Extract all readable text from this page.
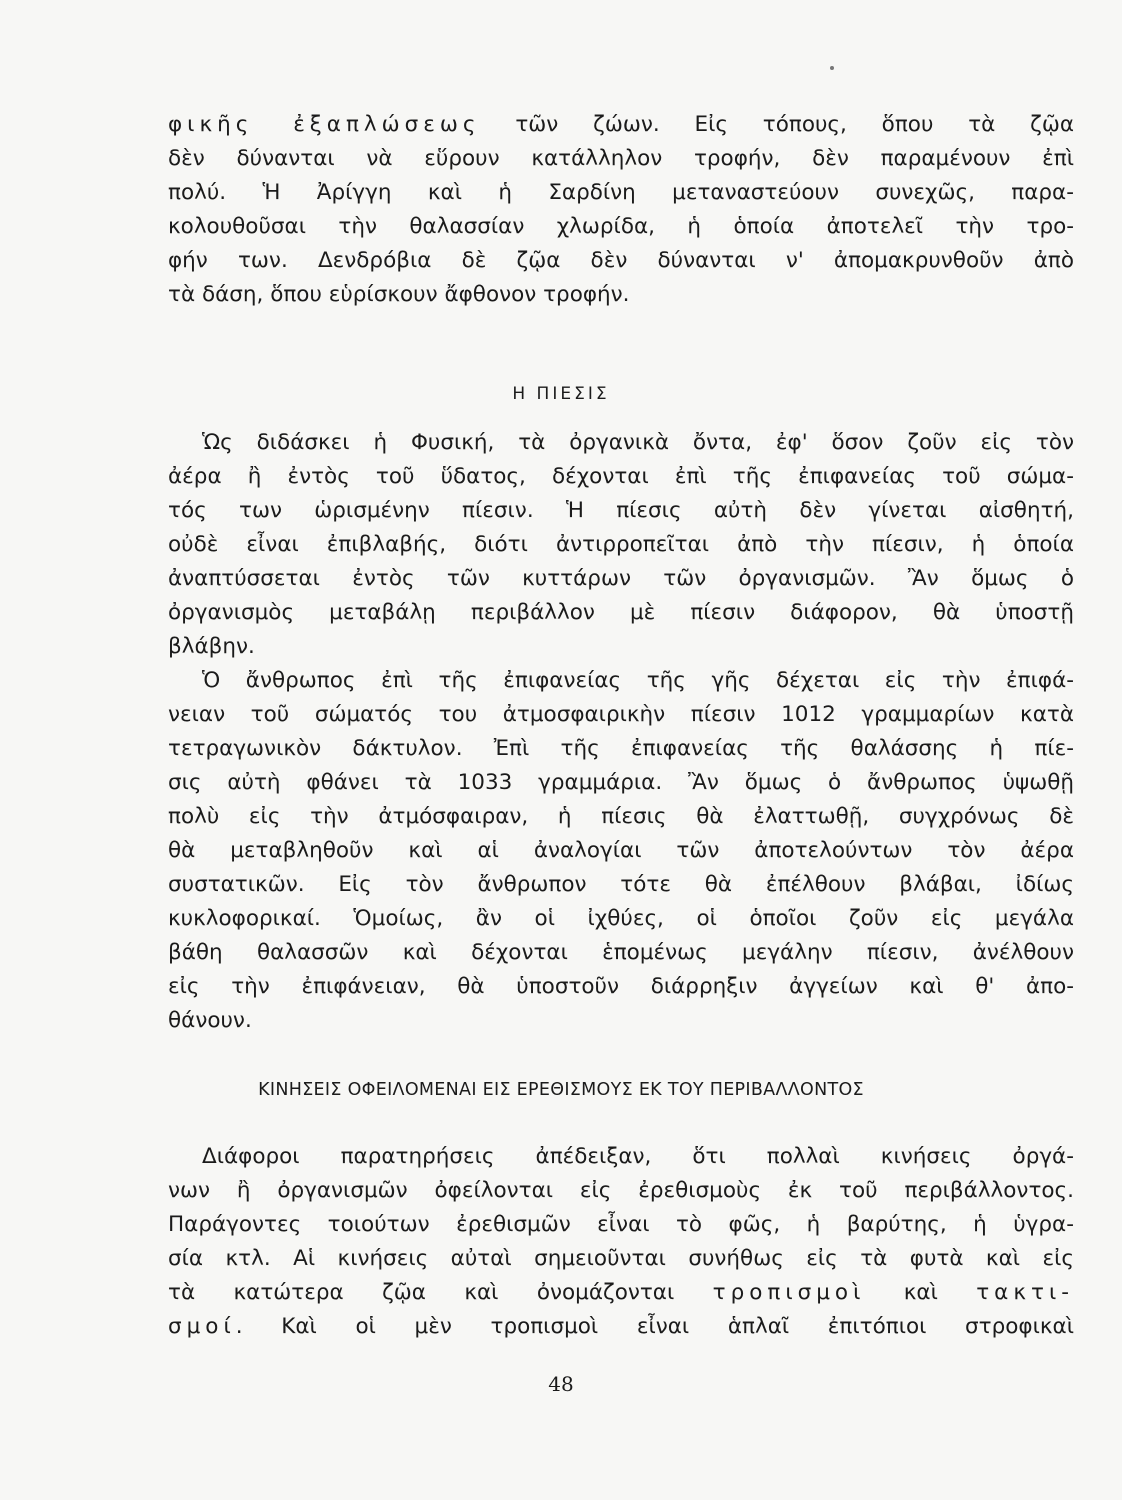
φικῆς ἐξαπλώσεως τῶν ζώων. Εἰς τόπους, ὅπου τὰ ζῷα
δὲν δύνανται νὰ εὕρουν κατάλληλον τροφήν, δὲν παραμένουν ἐπὶ
πολύ. Ἡ Ἀρίγγη καὶ ἡ Σαρδίνη μεταναστεύουν συνεχῶς, παρα-
κολουθοῦσαι τὴν θαλασσίαν χλωρίδα, ἡ ὁποία ἀποτελεῖ τὴν τρο-
φήν των. Δενδρόβια δὲ ζῷα δὲν δύνανται ν' ἀπομακρυνθοῦν ἀπὸ
τὰ δάση, ὅπου εὑρίσκουν ἄφθονον τροφήν.
Η ΠΙΕΣΙΣ
Ὡς διδάσκει ἡ Φυσική, τὰ ὀργανικὰ ὄντα, ἐφ' ὅσον ζοῦν εἰς τὸν
ἀέρα ἢ ἐντὸς τοῦ ὕδατος, δέχονται ἐπὶ τῆς ἐπιφανείας τοῦ σώμα-
τός των ὡρισμένην πίεσιν. Ἡ πίεσις αὐτὴ δὲν γίνεται αἰσθητή,
οὐδὲ εἶναι ἐπιβλαβής, διότι ἀντιρροπεῖται ἀπὸ τὴν πίεσιν, ἡ ὁποία
ἀναπτύσσεται ἐντὸς τῶν κυττάρων τῶν ὀργανισμῶν. Ἂν ὅμως ὁ
ὀργανισμὸς μεταβάλῃ περιβάλλον μὲ πίεσιν διάφορον, θὰ ὑποστῇ
βλάβην.
Ὁ ἄνθρωπος ἐπὶ τῆς ἐπιφανείας τῆς γῆς δέχεται εἰς τὴν ἐπιφά-
νειαν τοῦ σώματός του ἀτμοσφαιρικὴν πίεσιν 1012 γραμμαρίων κατὰ
τετραγωνικὸν δάκτυλον. Ἐπὶ τῆς ἐπιφανείας τῆς θαλάσσης ἡ πίε-
σις αὐτὴ φθάνει τὰ 1033 γραμμάρια. Ἂν ὅμως ὁ ἄνθρωπος ὑψωθῇ
πολὺ εἰς τὴν ἀτμόσφαιραν, ἡ πίεσις θὰ ἐλαττωθῇ, συγχρόνως δὲ
θὰ μεταβληθοῦν καὶ αἱ ἀναλογίαι τῶν ἀποτελούντων τὸν ἀέρα
συστατικῶν. Εἰς τὸν ἄνθρωπον τότε θὰ ἐπέλθουν βλάβαι, ἰδίως
κυκλοφορικαί. Ὁμοίως, ἂν οἱ ἰχθύες, οἱ ὁποῖοι ζοῦν εἰς μεγάλα
βάθη θαλασσῶν καὶ δέχονται ἑπομένως μεγάλην πίεσιν, ἀνέλθουν
εἰς τὴν ἐπιφάνειαν, θὰ ὑποστοῦν διάρρηξιν ἀγγείων καὶ θ' ἀπο-
θάνουν.
ΚΙΝΗΣΕΙΣ ΟΦΕΙΛΟΜΕΝΑΙ ΕΙΣ ΕΡΕΘΙΣΜΟΥΣ ΕΚ ΤΟΥ ΠΕΡΙΒΑΛΛΟΝΤΟΣ
Διάφοροι παρατηρήσεις ἀπέδειξαν, ὅτι πολλαὶ κινήσεις ὀργά-
νων ἢ ὀργανισμῶν ὀφείλονται εἰς ἐρεθισμοὺς ἐκ τοῦ περιβάλλοντος.
Παράγοντες τοιούτων ἐρεθισμῶν εἶναι τὸ φῶς, ἡ βαρύτης, ἡ ὑγρα-
σία κτλ. Αἱ κινήσεις αὐταὶ σημειοῦνται συνήθως εἰς τὰ φυτὰ καὶ εἰς
τὰ κατώτερα ζῷα καὶ ὀνομάζονται τροπισμοὶ καὶ τακτι-
σμοί. Καὶ οἱ μὲν τροπισμοὶ εἶναι ἁπλαῖ ἐπιτόπιοι στροφικαὶ
48
